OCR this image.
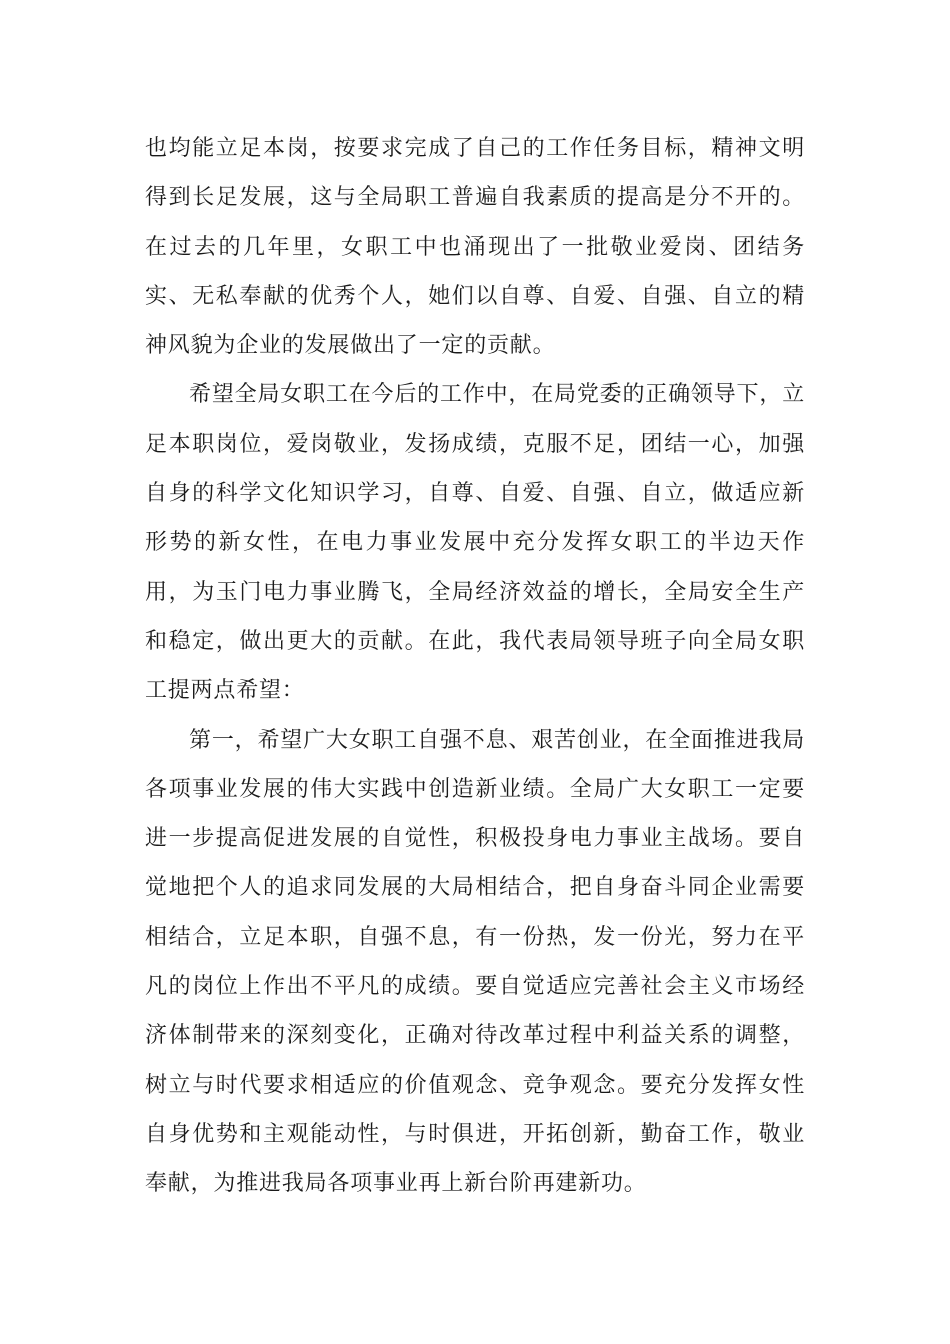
也均能立足本岗，按要求完成了自己的工作任务目标，精神文明得到长足发展，这与全局职工普遍自我素质的提高是分不开的。在过去的几年里，女职工中也涌现出了一批敬业爱岗、团结务实、无私奉献的优秀个人，她们以自尊、自爱、自强、自立的精神风貌为企业的发展做出了一定的贡献。

希望全局女职工在今后的工作中，在局党委的正确领导下，立足本职岗位，爱岗敬业，发扬成绩，克服不足，团结一心，加强自身的科学文化知识学习，自尊、自爱、自强、自立，做适应新形势的新女性，在电力事业发展中充分发挥女职工的半边天作用，为玉门电力事业腾飞，全局经济效益的增长，全局安全生产和稳定，做出更大的贡献。在此，我代表局领导班子向全局女职工提两点希望：

第一，希望广大女职工自强不息、艰苦创业，在全面推进我局各项事业发展的伟大实践中创造新业绩。全局广大女职工一定要进一步提高促进发展的自觉性，积极投身电力事业主战场。要自觉地把个人的追求同发展的大局相结合，把自身奋斗同企业需要相结合，立足本职，自强不息，有一份热，发一份光，努力在平凡的岗位上作出不平凡的成绩。要自觉适应完善社会主义市场经济体制带来的深刻变化，正确对待改革过程中利益关系的调整，树立与时代要求相适应的价值观念、竞争观念。要充分发挥女性自身优势和主观能动性，与时俱进，开拓创新，勤奋工作，敬业奉献，为推进我局各项事业再上新台阶再建新功。
